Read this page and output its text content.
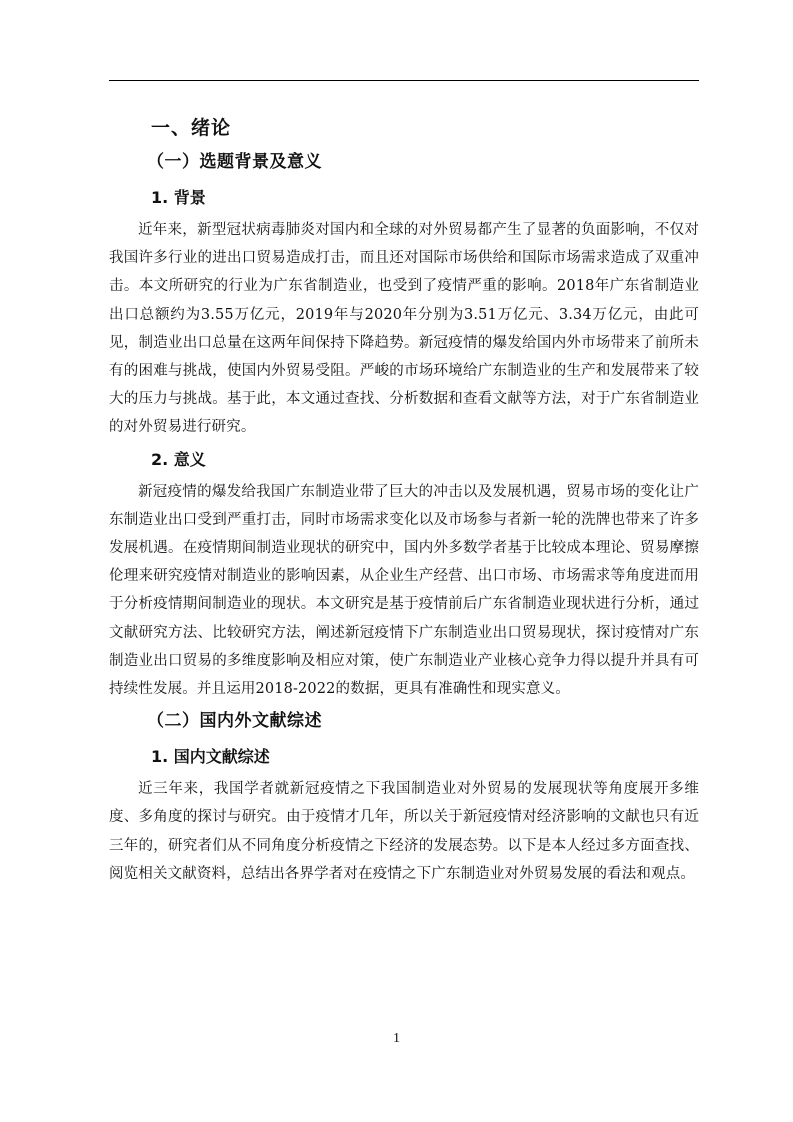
一、绪论
（一）选题背景及意义
1. 背景

近年来，新型冠状病毒肺炎对国内和全球的对外贸易都产生了显著的负面影响，不仅对我国许多行业的进出口贸易造成打击，而且还对国际市场供给和国际市场需求造成了双重冲击。本文所研究的行业为广东省制造业，也受到了疫情严重的影响。2018年广东省制造业出口总额约为3.55万亿元，2019年与2020年分别为3.51万亿元、3.34万亿元，由此可见，制造业出口总量在这两年间保持下降趋势。新冠疫情的爆发给国内外市场带来了前所未有的困难与挑战，使国内外贸易受阻。严峻的市场环境给广东制造业的生产和发展带来了较大的压力与挑战。基于此，本文通过查找、分析数据和查看文献等方法，对于广东省制造业的对外贸易进行研究。

2. 意义

新冠疫情的爆发给我国广东制造业带了巨大的冲击以及发展机遇，贸易市场的变化让广东制造业出口受到严重打击，同时市场需求变化以及市场参与者新一轮的洗牌也带来了许多发展机遇。在疫情期间制造业现状的研究中，国内外多数学者基于比较成本理论、贸易摩擦伦理来研究疫情对制造业的影响因素，从企业生产经营、出口市场、市场需求等角度进而用于分析疫情期间制造业的现状。本文研究是基于疫情前后广东省制造业现状进行分析，通过文献研究方法、比较研究方法，阐述新冠疫情下广东制造业出口贸易现状，探讨疫情对广东制造业出口贸易的多维度影响及相应对策，使广东制造业产业核心竞争力得以提升并具有可持续性发展。并且运用2018-2022的数据，更具有准确性和现实意义。

（二）国内外文献综述
1. 国内文献综述

近三年来，我国学者就新冠疫情之下我国制造业对外贸易的发展现状等角度展开多维度、多角度的探讨与研究。由于疫情才几年，所以关于新冠疫情对经济影响的文献也只有近三年的，研究者们从不同角度分析疫情之下经济的发展态势。以下是本人经过多方面查找、阅览相关文献资料，总结出各界学者对在疫情之下广东制造业对外贸易发展的看法和观点。

1
